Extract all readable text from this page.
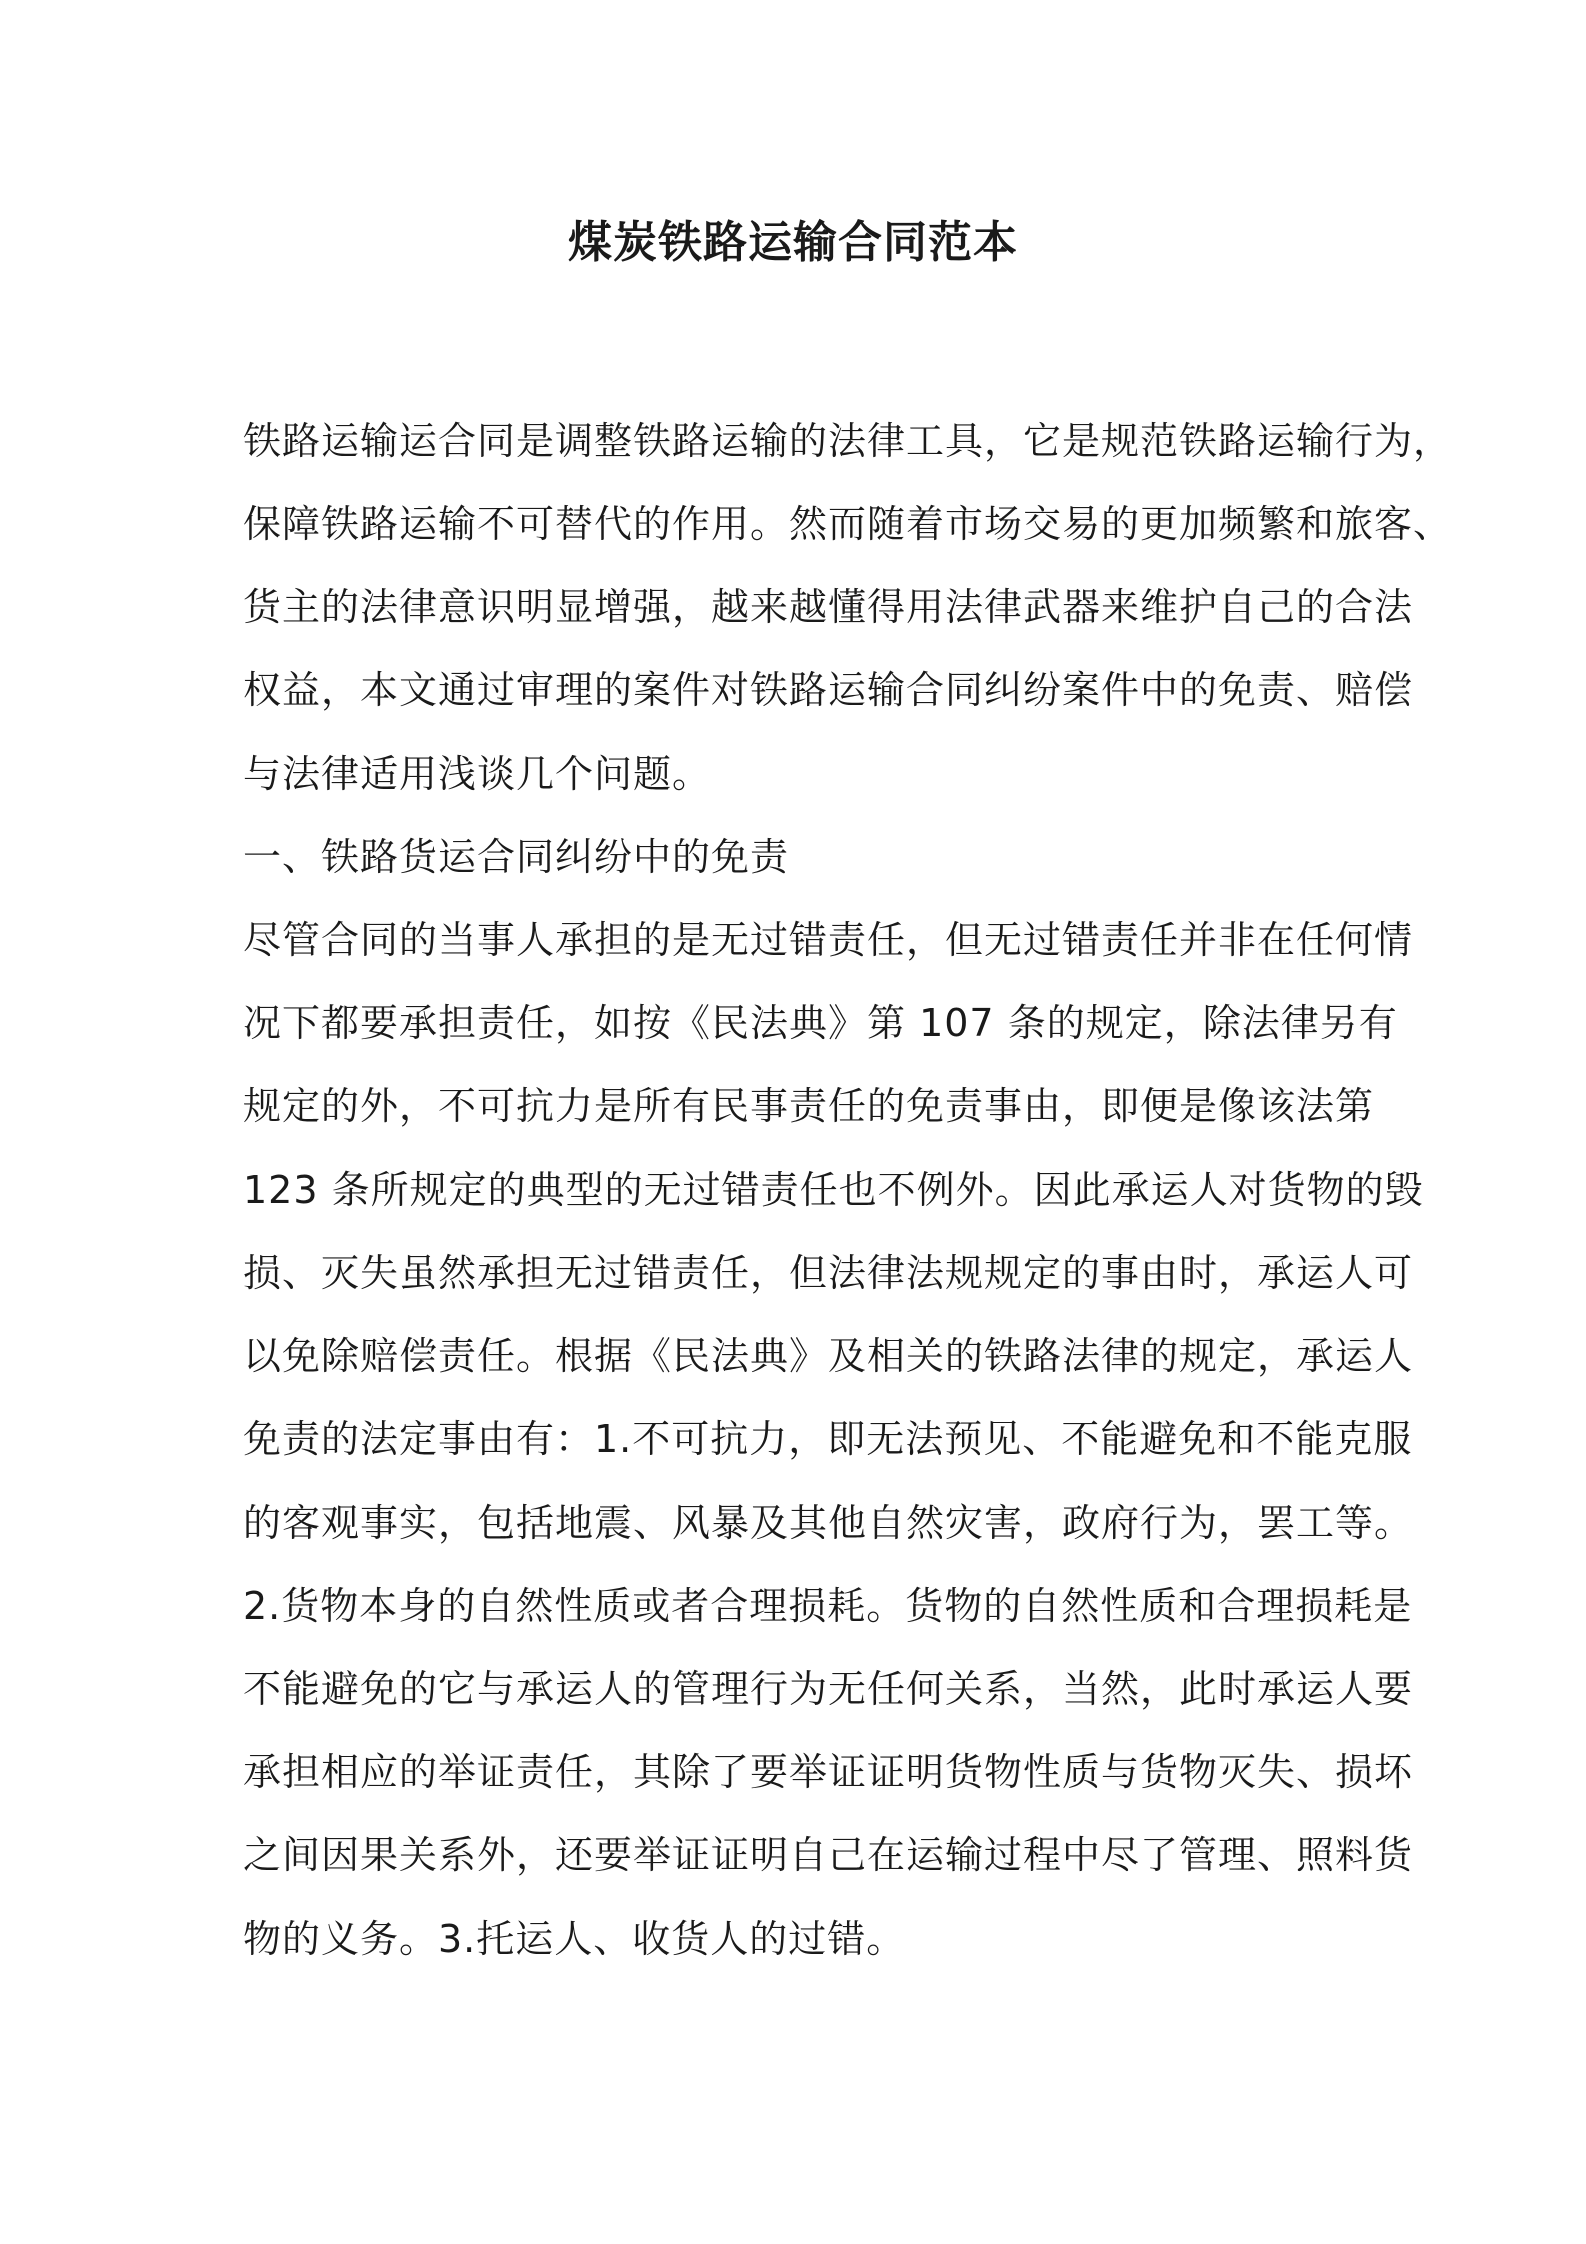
煤炭铁路运输合同范本

铁路运输运合同是调整铁路运输的法律工具，它是规范铁路运输行为，

保障铁路运输不可替代的作用。然而随着市场交易的更加频繁和旅客、

货主的法律意识明显增强，越来越懂得用法律武器来维护自己的合法

权益，本文通过审理的案件对铁路运输合同纠纷案件中的免责、赔偿

与法律适用浅谈几个问题。

一、铁路货运合同纠纷中的免责

尽管合同的当事人承担的是无过错责任，但无过错责任并非在任何情

况下都要承担责任，如按《民法典》第 107 条的规定，除法律另有

规定的外，不可抗力是所有民事责任的免责事由，即便是像该法第

123 条所规定的典型的无过错责任也不例外。因此承运人对货物的毁

损、灭失虽然承担无过错责任，但法律法规规定的事由时，承运人可

以免除赔偿责任。根据《民法典》及相关的铁路法律的规定，承运人

免责的法定事由有：1.不可抗力，即无法预见、不能避免和不能克服

的客观事实，包括地震、风暴及其他自然灾害，政府行为，罢工等。

2.货物本身的自然性质或者合理损耗。货物的自然性质和合理损耗是

不能避免的它与承运人的管理行为无任何关系，当然，此时承运人要

承担相应的举证责任，其除了要举证证明货物性质与货物灭失、损坏

之间因果关系外，还要举证证明自己在运输过程中尽了管理、照料货

物的义务。3.托运人、收货人的过错。
